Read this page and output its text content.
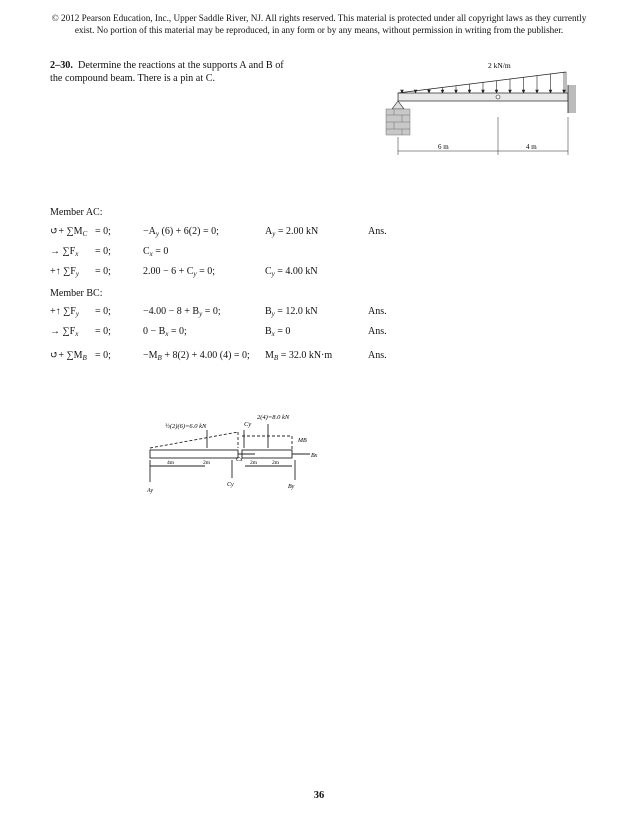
© 2012 Pearson Education, Inc., Upper Saddle River, NJ. All rights reserved. This material is protected under all copyright laws as they currently
exist. No portion of this material may be reproduced, in any form or by any means, without permission in writing from the publisher.
2–30. Determine the reactions at the supports A and B of
the compound beam. There is a pin at C.
2 kN/m
6 m	4 m
Member AC:
↺+ $\sum M_C = 0$;	$-A_y$ (6) + 6(2) = 0;	$A_y = 2.00$ kN	Ans.
→ $\sum F_x = 0$;	$C_x = 0$
+↑ $\sum F_y = 0$;	$2.00 - 6 + C_y = 0$;	$C_y = 4.00$ kN
+↑ $\sum F_y = 0$;	$-4.00 - 8 + B_y = 0$;	$B_y = 12.0$ kN	Ans.
→ $\sum F_x = 0$;	$0 - B_x = 0$;	$B_x = 0$	Ans.
↺+ $\sum M_B = 0$;	$-M_B + 8(2) + 4.00$ (4) = 0; $M_B = 32.0$ kN·m	Ans.
Member BC:
½(2)(6)=6.0 kN
2(4)=8.0 kN
Cy
Cx
MB
Bx
By
Ay
Cy
4m	2m	2m	2m
36
